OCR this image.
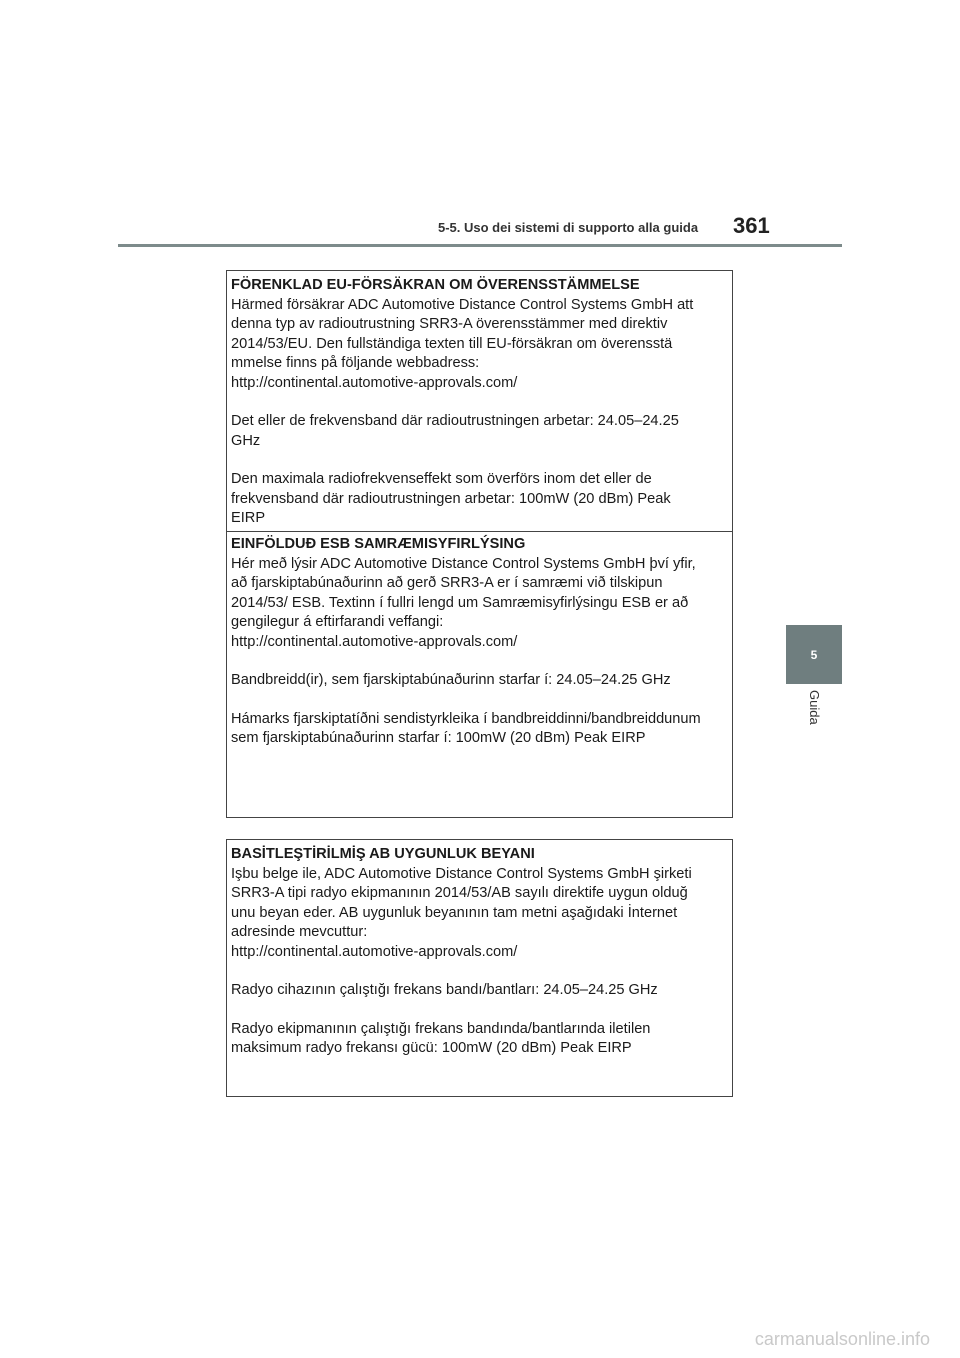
5-5. Uso dei sistemi di supporto alla guida 361
5
Guida

FÖRENKLAD EU-FÖRSÄKRAN OM ÖVERENSSTÄMMELSE

Härmed försäkrar ADC Automotive Distance Control Systems GmbH att

denna typ av radioutrustning SRR3-A överensstämmer med direktiv

2014/53/EU. Den fullständiga texten till EU-försäkran om överensstä

mmelse finns på följande webbadress:

http://continental.automotive-approvals.com/

Det eller de frekvensband där radioutrustningen arbetar: 24.05–24.25

GHz

Den maximala radiofrekvenseffekt som överförs inom det eller de

frekvensband där radioutrustningen arbetar: 100mW (20 dBm) Peak

EIRP

EINFÖLDUÐ ESB SAMRÆMISYFIRLÝSING

Hér með lýsir ADC Automotive Distance Control Systems GmbH því yfir,

að fjarskiptabúnaðurinn að gerð SRR3-A er í samræmi við tilskipun

2014/53/ ESB. Textinn í fullri lengd um Samræmisyfirlýsingu ESB er að

gengilegur á eftirfarandi veffangi:

http://continental.automotive-approvals.com/

Bandbreidd(ir), sem fjarskiptabúnaðurinn starfar í: 24.05–24.25 GHz

Hámarks fjarskiptatíðni sendistyrkleika í bandbreiddinni/bandbreiddunum

sem fjarskiptabúnaðurinn starfar í: 100mW (20 dBm) Peak EIRP

BASİTLEŞTİRİLMİŞ AB UYGUNLUK BEYANI

Işbu belge ile, ADC Automotive Distance Control Systems GmbH şirketi

SRR3-A tipi radyo ekipmanının 2014/53/AB sayılı direktife uygun olduğ

unu beyan eder. AB uygunluk beyanının tam metni aşağıdaki İnternet

adresinde mevcuttur:

http://continental.automotive-approvals.com/

Radyo cihazının çalıştığı frekans bandı/bantları: 24.05–24.25 GHz

Radyo ekipmanının çalıştığı frekans bandında/bantlarında iletilen

maksimum radyo frekansı gücü: 100mW (20 dBm) Peak EIRP

carmanualsonline.info
